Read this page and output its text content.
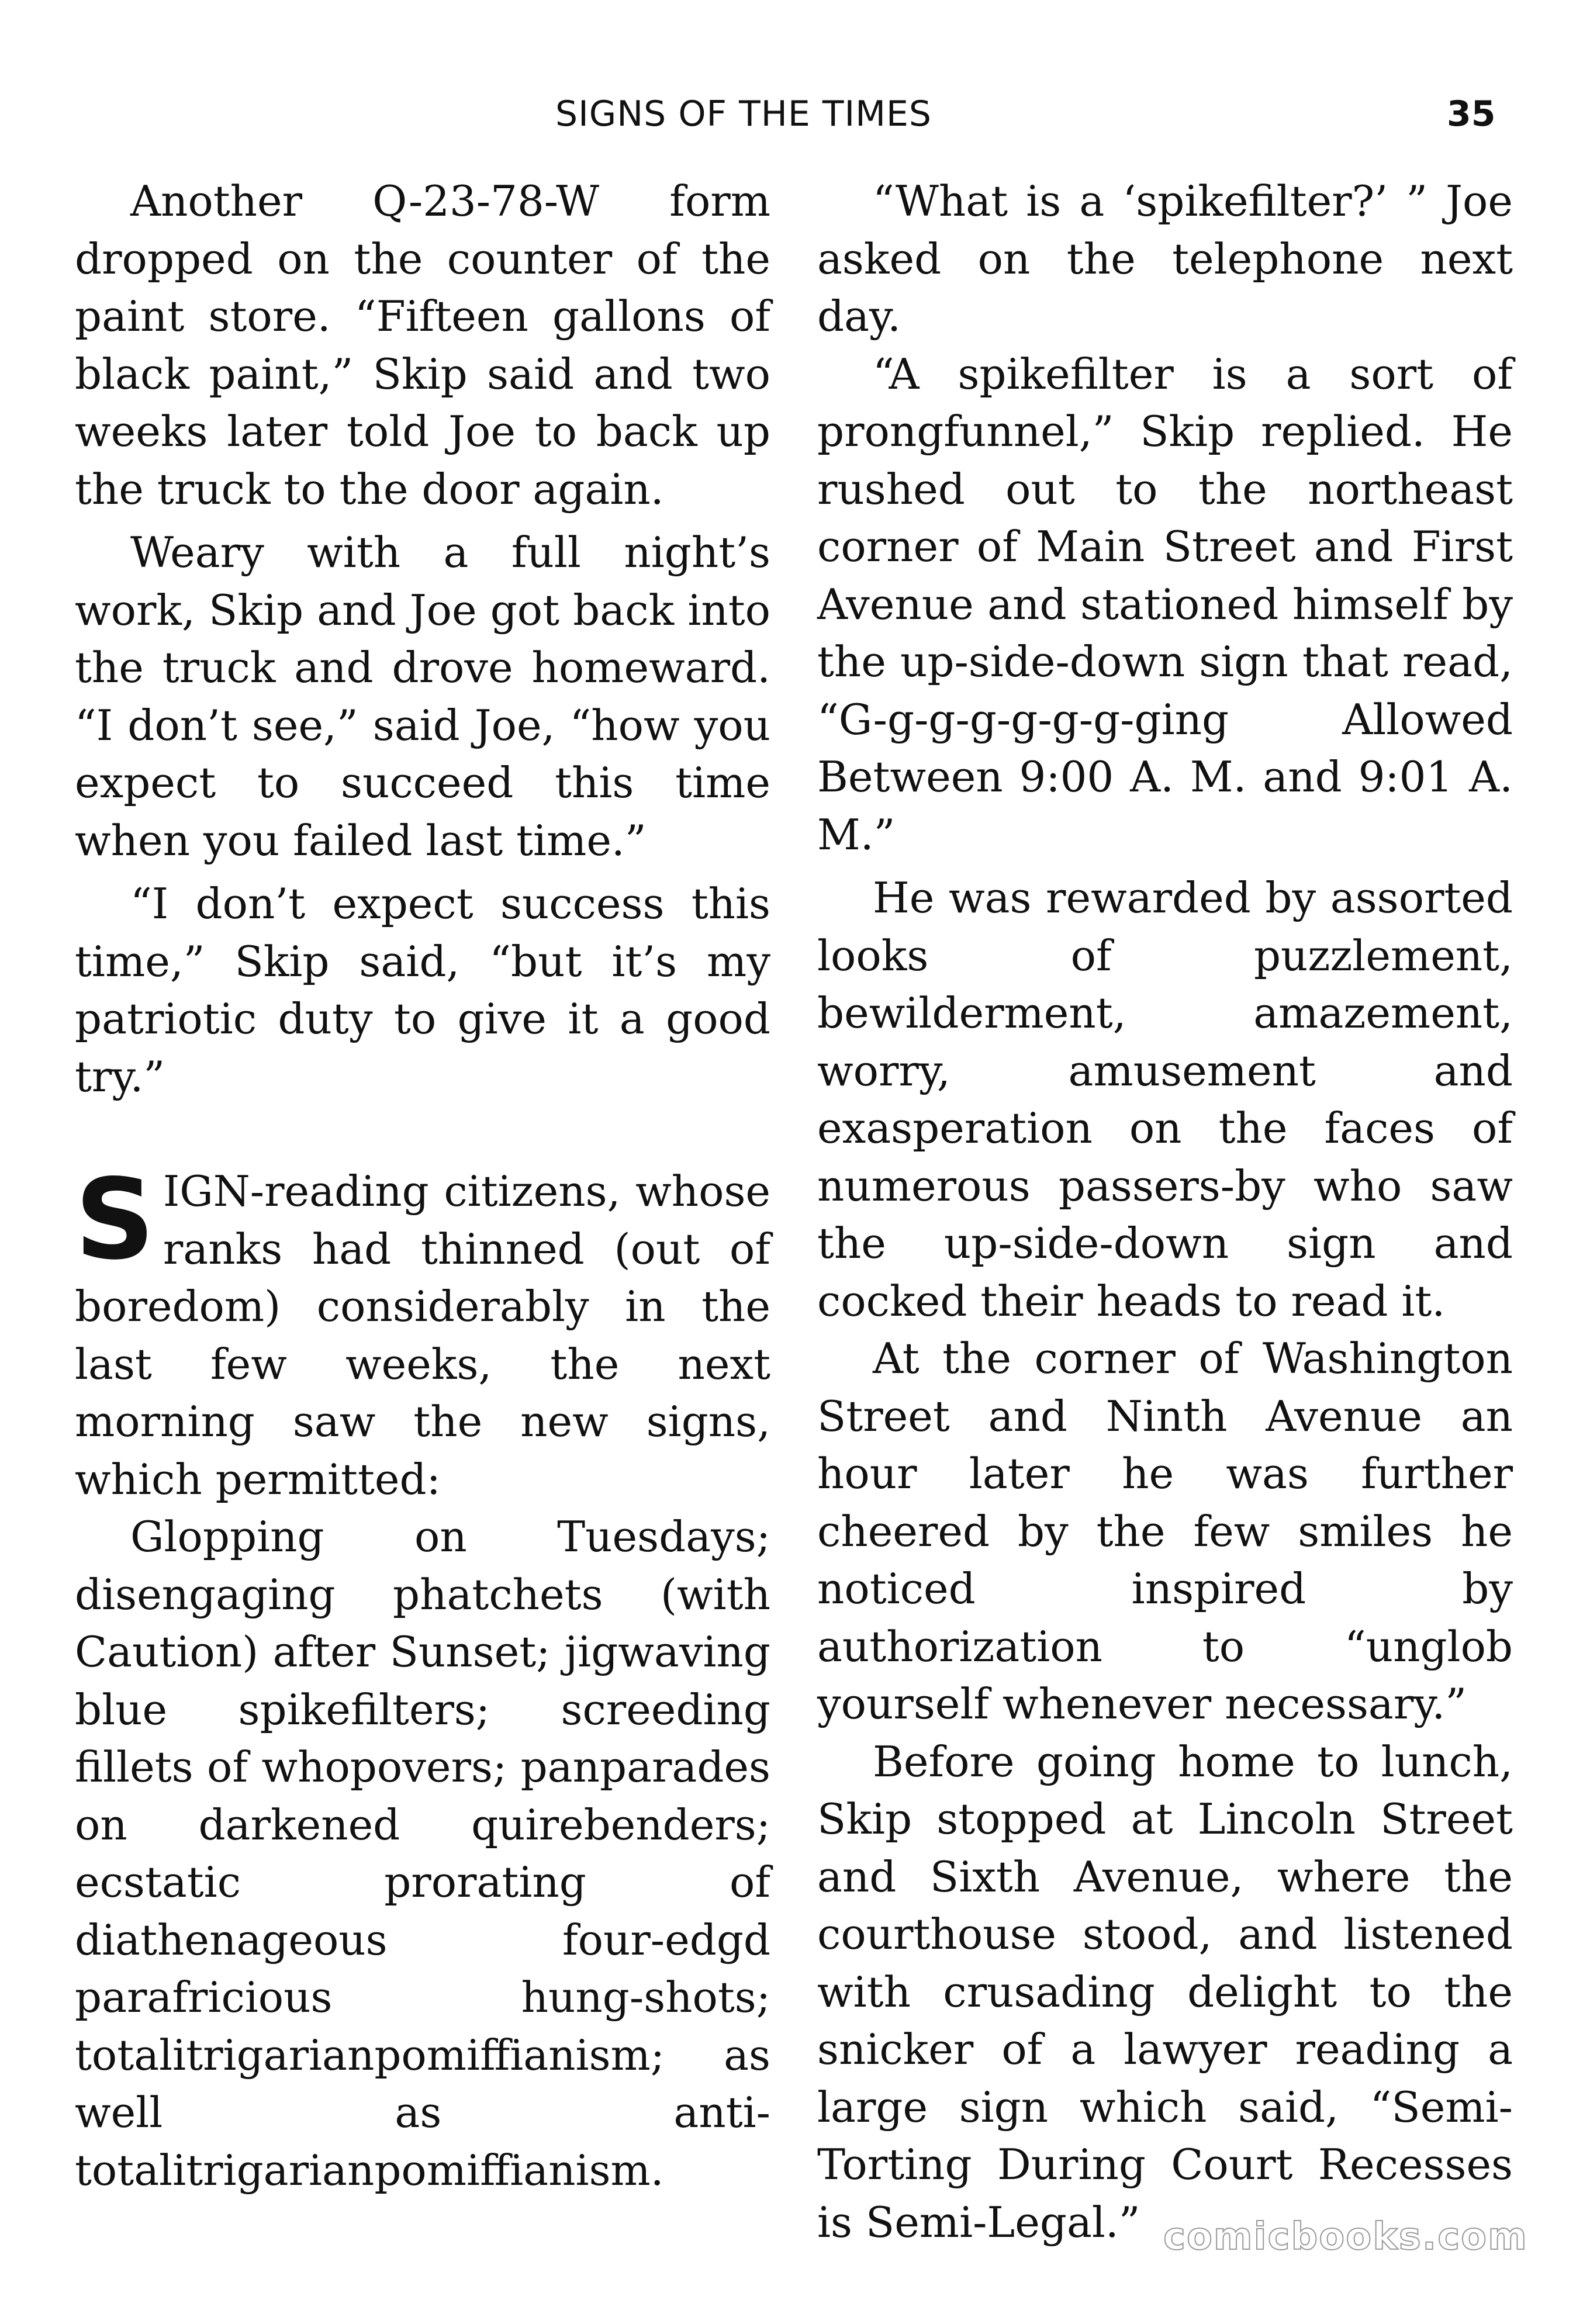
SIGNS OF THE TIMES	35

Another Q-23-78-W form dropped on the counter of the paint store. “Fifteen gallons of black paint,” Skip said and two weeks later told Joe to back up the truck to the door again.

Weary with a full night’s work, Skip and Joe got back into the truck and drove homeward. “I don’t see,” said Joe, “how you expect to succeed this time when you failed last time.”

“I don’t expect success this time,” Skip said, “but it’s my patriotic duty to give it a good try.”

SIGN-reading citizens, whose ranks had thinned (out of boredom) considerably in the last few weeks, the next morning saw the new signs, which permitted:

Glopping on Tuesdays; disengaging phatchets (with Caution) after Sunset; jigwaving blue spikefilters; screeding fillets of whopovers; panparades on darkened quirebenders; ecstatic prorating of diathenageous four-edgd parafricious hung-shots; totalitrigarianpomiffianism; as well as anti-totalitrigarianpomiffianism.

“What is a ‘spikefilter?’ ” Joe asked on the telephone next day.

“A spikefilter is a sort of prongfunnel,” Skip replied. He rushed out to the northeast corner of Main Street and First Avenue and stationed himself by the up-side-down sign that read, “G-g-g-g-g-g-g-ging Allowed Between 9:00 A. M. and 9:01 A. M.”

He was rewarded by assorted looks of puzzlement, bewilderment, amazement, worry, amusement and exasperation on the faces of numerous passers-by who saw the up-side-down sign and cocked their heads to read it.

At the corner of Washington Street and Ninth Avenue an hour later he was further cheered by the few smiles he noticed inspired by authorization to “unglob yourself whenever necessary.”

Before going home to lunch, Skip stopped at Lincoln Street and Sixth Avenue, where the courthouse stood, and listened with crusading delight to the snicker of a lawyer reading a large sign which said, “Semi-Torting During Court Recesses is Semi-Legal.” comicbooks.com
